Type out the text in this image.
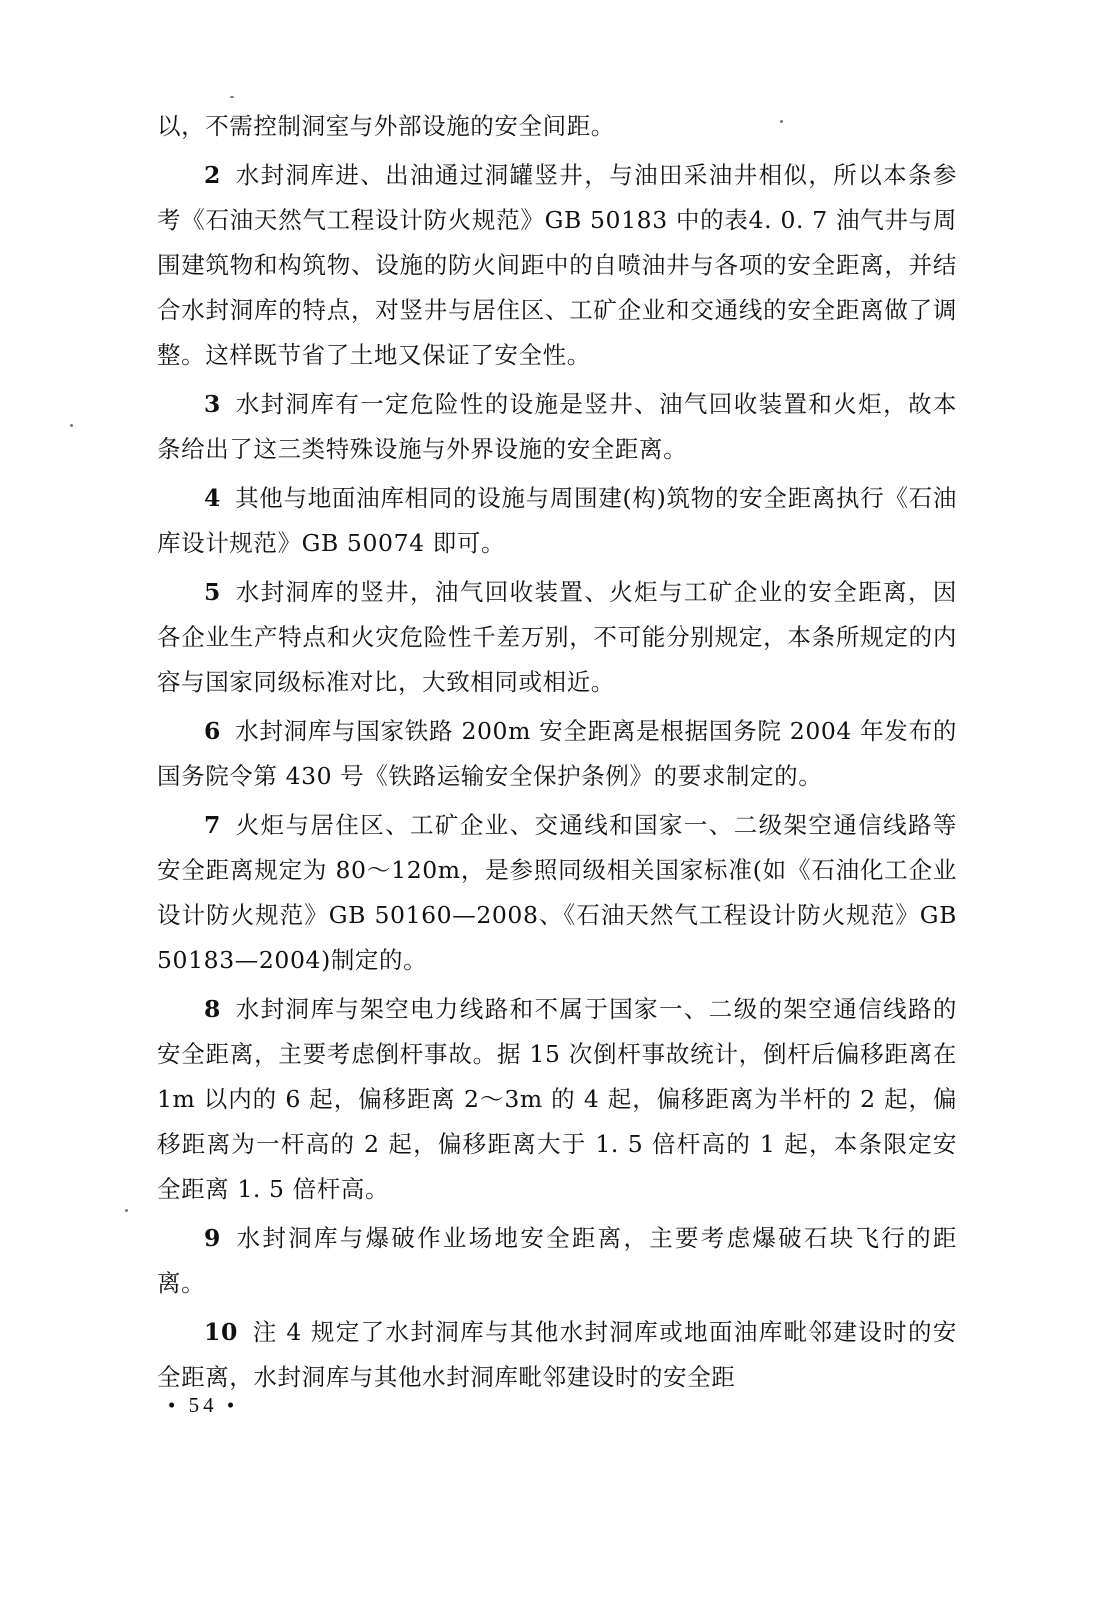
以，不需控制洞室与外部设施的安全间距。

2 水封洞库进、出油通过洞罐竖井，与油田采油井相似，所以本条参考《石油天然气工程设计防火规范》GB 50183 中的表4. 0. 7 油气井与周围建筑物和构筑物、设施的防火间距中的自喷油井与各项的安全距离，并结合水封洞库的特点，对竖井与居住区、工矿企业和交通线的安全距离做了调整。这样既节省了土地又保证了安全性。

3 水封洞库有一定危险性的设施是竖井、油气回收装置和火炬，故本条给出了这三类特殊设施与外界设施的安全距离。

4 其他与地面油库相同的设施与周围建(构)筑物的安全距离执行《石油库设计规范》GB 50074 即可。

5 水封洞库的竖井，油气回收装置、火炬与工矿企业的安全距离，因各企业生产特点和火灾危险性千差万别，不可能分别规定，本条所规定的内容与国家同级标准对比，大致相同或相近。

6 水封洞库与国家铁路 200m 安全距离是根据国务院 2004 年发布的国务院令第 430 号《铁路运输安全保护条例》的要求制定的。

7 火炬与居住区、工矿企业、交通线和国家一、二级架空通信线路等安全距离规定为 80～120m，是参照同级相关国家标准(如《石油化工企业设计防火规范》GB 50160—2008、《石油天然气工程设计防火规范》GB 50183—2004)制定的。

8 水封洞库与架空电力线路和不属于国家一、二级的架空通信线路的安全距离，主要考虑倒杆事故。据 15 次倒杆事故统计，倒杆后偏移距离在 1m 以内的 6 起，偏移距离 2～3m 的 4 起，偏移距离为半杆的 2 起，偏移距离为一杆高的 2 起，偏移距离大于 1. 5 倍杆高的 1 起，本条限定安全距离 1. 5 倍杆高。

9 水封洞库与爆破作业场地安全距离，主要考虑爆破石块飞行的距离。

10 注 4 规定了水封洞库与其他水封洞库或地面油库毗邻建设时的安全距离，水封洞库与其他水封洞库毗邻建设时的安全距

• 54 •
